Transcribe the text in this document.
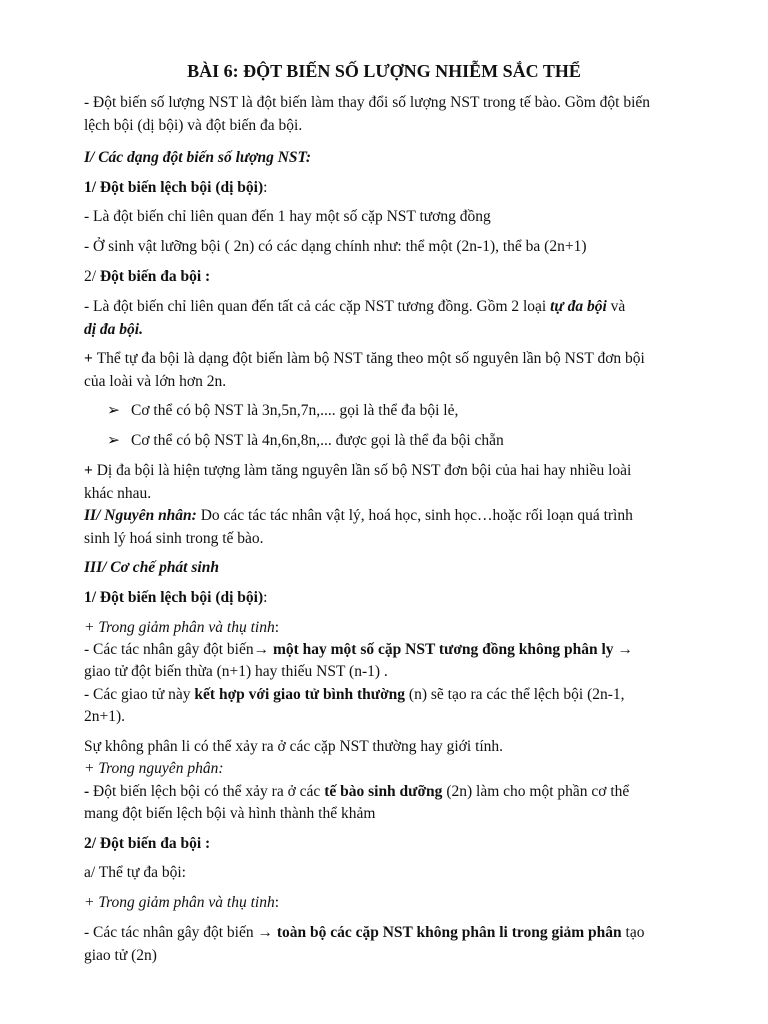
BÀI 6: ĐỘT BIẾN SỐ LƯỢNG NHIỄM SẮC THỂ
- Đột biến số lượng NST là đột biến làm thay đổi số lượng NST trong tế bào. Gồm đột biến
lệch bội (dị bội) và đột biến đa bội.
I/ Các dạng đột biến số lượng NST:
1/ Đột biến lệch bội (dị bội):
- Là đột biến chỉ liên quan đến 1 hay một số cặp NST tương đồng
- Ở sinh vật lưỡng bội ( 2n) có các dạng chính như: thể một (2n-1), thể ba (2n+1)
2/ Đột biến đa bội :
- Là đột biến chỉ liên quan đến tất cả các cặp NST tương đồng. Gồm 2 loại tự đa bội và
dị đa bội.
+ Thể tự đa bội là dạng đột biến làm bộ NST tăng theo một số nguyên lần bộ NST đơn bội
của loài và lớn hơn 2n.
➢ Cơ thể có bộ NST là 3n,5n,7n,.... gọi là thể đa bội lẻ,
➢ Cơ thể có bộ NST là 4n,6n,8n,... được gọi là thể đa bội chẵn
+ Dị đa bội là hiện tượng làm tăng nguyên lần số bộ NST đơn bội của hai hay nhiều loài
khác nhau.
II/ Nguyên nhân: Do các tác tác nhân vật lý, hoá học, sinh học…hoặc rối loạn quá trình
sinh lý hoá sinh trong tế bào.
III/ Cơ chế phát sinh
1/ Đột biến lệch bội (dị bội):
+ Trong giảm phân và thụ tinh:
- Các tác nhân gây đột biến→ một hay một số cặp NST tương đồng không phân ly →
giao tử đột biến thừa (n+1) hay thiếu NST (n-1) .
- Các giao tử này kết hợp với giao tử bình thường (n) sẽ tạo ra các thể lệch bội (2n-1,
2n+1).
Sự không phân li có thể xảy ra ở các cặp NST thường hay giới tính.
+ Trong nguyên phân:
- Đột biến lệch bội có thể xảy ra ở các tế bào sinh dưỡng (2n) làm cho một phần cơ thể
mang đột biến lệch bội và hình thành thể khảm
2/ Đột biến đa bội :
a/ Thể tự đa bội:
+ Trong giảm phân và thụ tinh:
- Các tác nhân gây đột biến → toàn bộ các cặp NST không phân li trong giảm phân tạo
giao tử (2n)
